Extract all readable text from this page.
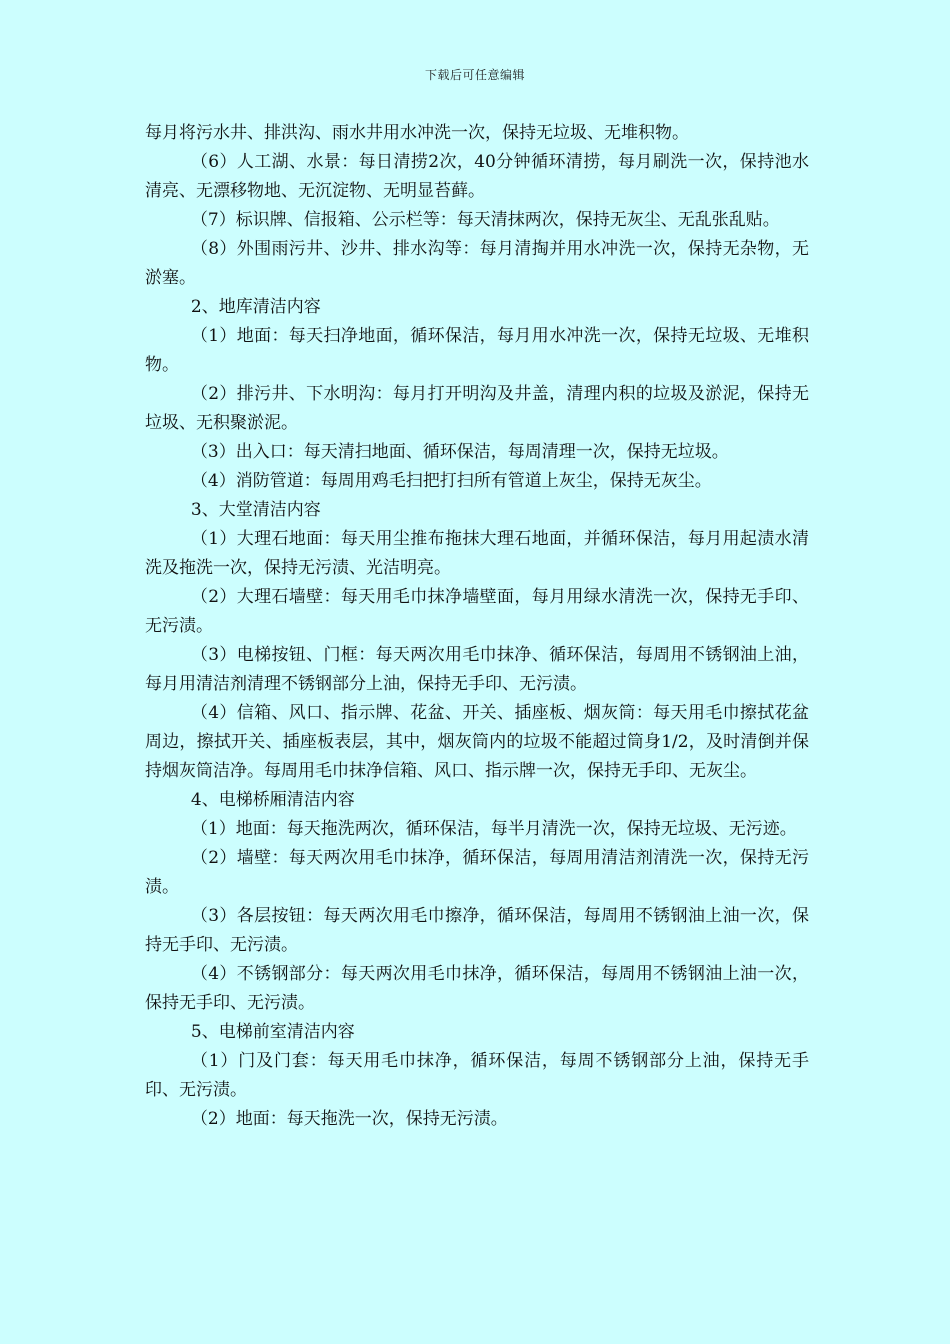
下载后可任意编辑

每月将污水井、排洪沟、雨水井用水冲洗一次，保持无垃圾、无堆积物。

（6）人工湖、水景：每日清捞2次，40分钟循环清捞，每月刷洗一次，保持池水清亮、无漂移物地、无沉淀物、无明显苔藓。

（7）标识牌、信报箱、公示栏等：每天清抹两次，保持无灰尘、无乱张乱贴。

（8）外围雨污井、沙井、排水沟等：每月清掏并用水冲洗一次，保持无杂物，无淤塞。

2、地库清洁内容

（1）地面：每天扫净地面，循环保洁，每月用水冲洗一次，保持无垃圾、无堆积物。

（2）排污井、下水明沟：每月打开明沟及井盖，清理内积的垃圾及淤泥，保持无垃圾、无积聚淤泥。

（3）出入口：每天清扫地面、循环保洁，每周清理一次，保持无垃圾。

（4）消防管道：每周用鸡毛扫把打扫所有管道上灰尘，保持无灰尘。

3、大堂清洁内容

（1）大理石地面：每天用尘推布拖抹大理石地面，并循环保洁，每月用起渍水清洗及拖洗一次，保持无污渍、光洁明亮。

（2）大理石墙壁：每天用毛巾抹净墙壁面，每月用绿水清洗一次，保持无手印、无污渍。

（3）电梯按钮、门框：每天两次用毛巾抹净、循环保洁，每周用不锈钢油上油，每月用清洁剂清理不锈钢部分上油，保持无手印、无污渍。

（4）信箱、风口、指示牌、花盆、开关、插座板、烟灰筒：每天用毛巾擦拭花盆周边，擦拭开关、插座板表层，其中，烟灰筒内的垃圾不能超过筒身1/2，及时清倒并保持烟灰筒洁净。每周用毛巾抹净信箱、风口、指示牌一次，保持无手印、无灰尘。

4、电梯桥厢清洁内容

（1）地面：每天拖洗两次，循环保洁，每半月清洗一次，保持无垃圾、无污迹。

（2）墙壁：每天两次用毛巾抹净，循环保洁，每周用清洁剂清洗一次，保持无污渍。

（3）各层按钮：每天两次用毛巾擦净，循环保洁，每周用不锈钢油上油一次，保持无手印、无污渍。

（4）不锈钢部分：每天两次用毛巾抹净，循环保洁，每周用不锈钢油上油一次，保持无手印、无污渍。

5、电梯前室清洁内容

（1）门及门套：每天用毛巾抹净，循环保洁，每周不锈钢部分上油，保持无手印、无污渍。

（2）地面：每天拖洗一次，保持无污渍。
